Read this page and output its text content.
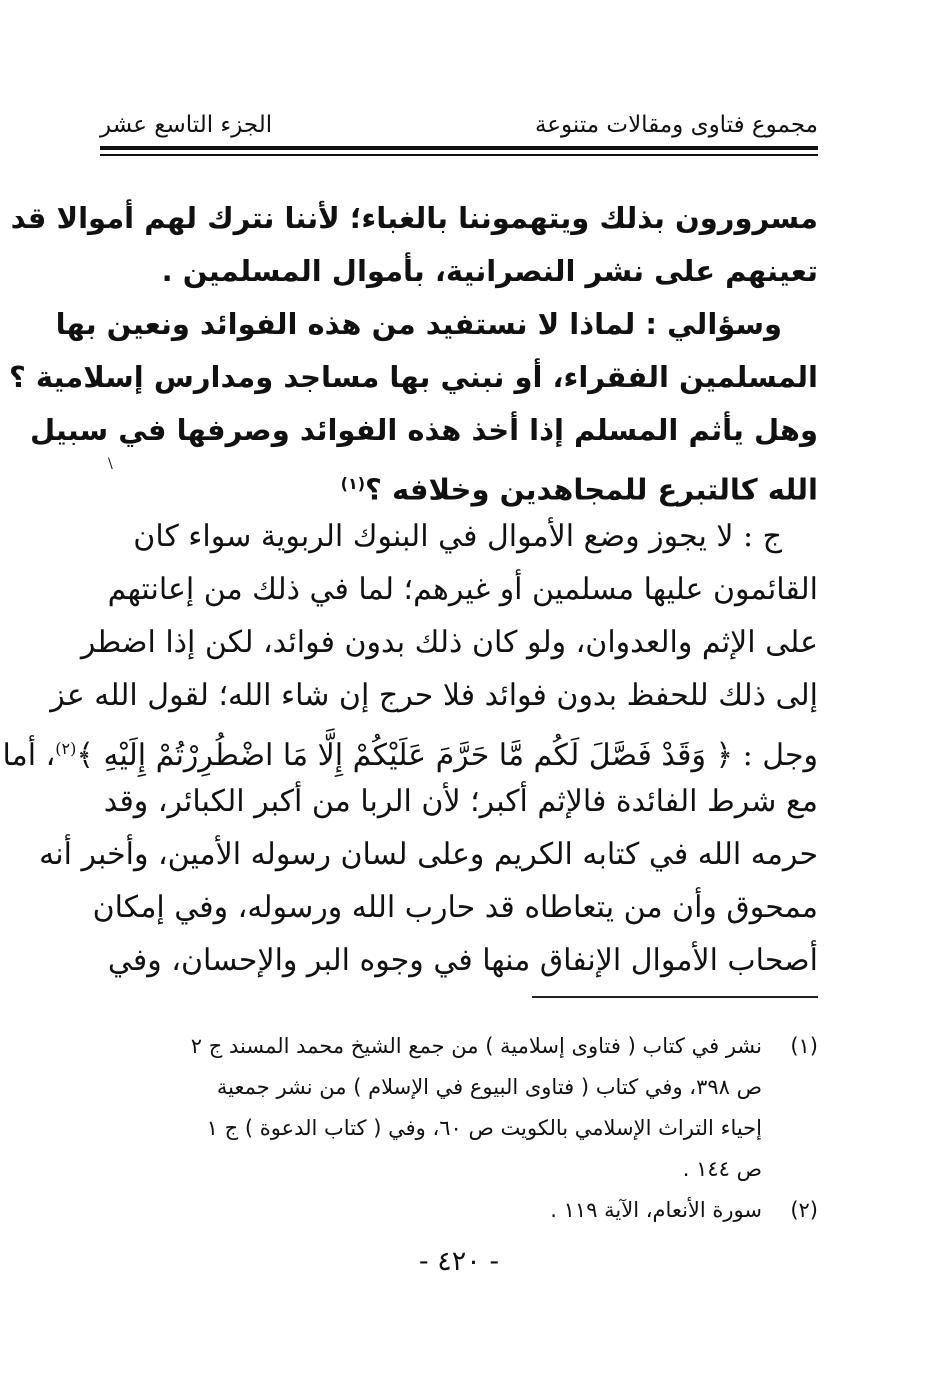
مجموع فتاوى ومقالات متنوعة
الجزء التاسع عشر
مسرورون بذلك ويتهموننا بالغباء؛ لأننا نترك لهم أموالا قد
تعينهم على نشر النصرانية، بأموال المسلمين .
وسؤالي : لماذا لا نستفيد من هذه الفوائد ونعين بها
المسلمين الفقراء، أو نبني بها مساجد ومدارس إسلامية ؟
وهل يأثم المسلم إذا أخذ هذه الفوائد وصرفها في سبيل
الله كالتبرع للمجاهدين وخلافه ؟$^{(١)}$
ج : لا يجوز وضع الأموال في البنوك الربوية سواء كان
القائمون عليها مسلمين أو غيرهم؛ لما في ذلك من إعانتهم
على الإثم والعدوان، ولو كان ذلك بدون فوائد، لكن إذا اضطر
إلى ذلك للحفظ بدون فوائد فلا حرج إن شاء الله؛ لقول الله عز
وجل : ﴿ وَقَدْ فَصَّلَ لَكُم مَّا حَرَّمَ عَلَيْكُمْ إِلَّا مَا اضْطُرِرْتُمْ إِلَيْهِ ﴾$^{(٢)}$، أما
مع شرط الفائدة فالإثم أكبر؛ لأن الربا من أكبر الكبائر، وقد
حرمه الله في كتابه الكريم وعلى لسان رسوله الأمين، وأخبر أنه
ممحوق وأن من يتعاطاه قد حارب الله ورسوله، وفي إمكان
أصحاب الأموال الإنفاق منها في وجوه البر والإحسان، وفي
\
(١)
نشر في كتاب ( فتاوى إسلامية ) من جمع الشيخ محمد المسند ج ٢
ص ٣٩٨، وفي كتاب ( فتاوى البيوع في الإسلام ) من نشر جمعية
إحياء التراث الإسلامي بالكويت ص ٦٠، وفي ( كتاب الدعوة ) ج ١
ص ١٤٤ .
(٢)
سورة الأنعام، الآية ١١٩ .
- ٤٢٠ -
